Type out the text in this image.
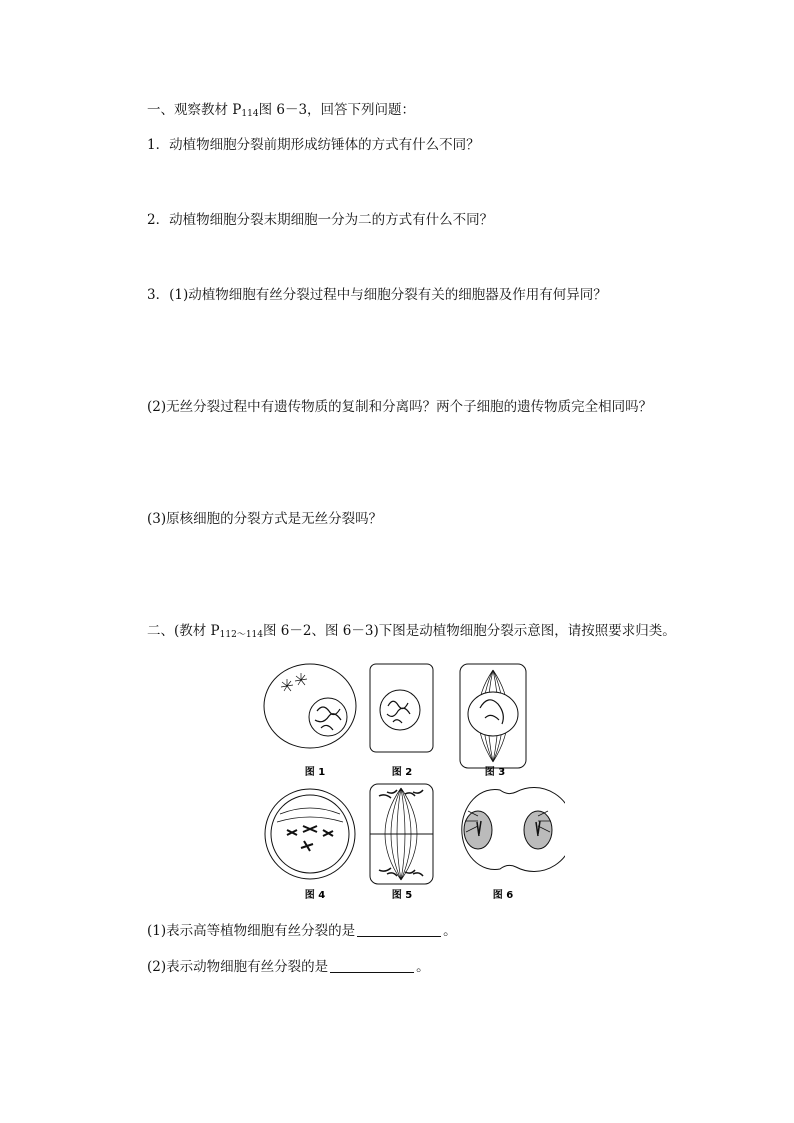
一、观察教材 $P_{114}$图 6－3，回答下列问题：
1．动植物细胞分裂前期形成纺锤体的方式有什么不同？
2．动植物细胞分裂末期细胞一分为二的方式有什么不同？
3．(1)动植物细胞有丝分裂过程中与细胞分裂有关的细胞器及作用有何异同？
(2)无丝分裂过程中有遗传物质的复制和分离吗？两个子细胞的遗传物质完全相同吗？
(3)原核细胞的分裂方式是无丝分裂吗？
二、(教材 $P_{112\sim 114}$图 6－2、图 6－3)下图是动植物细胞分裂示意图，请按照要求归类。
图 1	图 2	图 3
图 4	图 5	图 6
(1)表示高等植物细胞有丝分裂的是	。
(2)表示动物细胞有丝分裂的是	。
